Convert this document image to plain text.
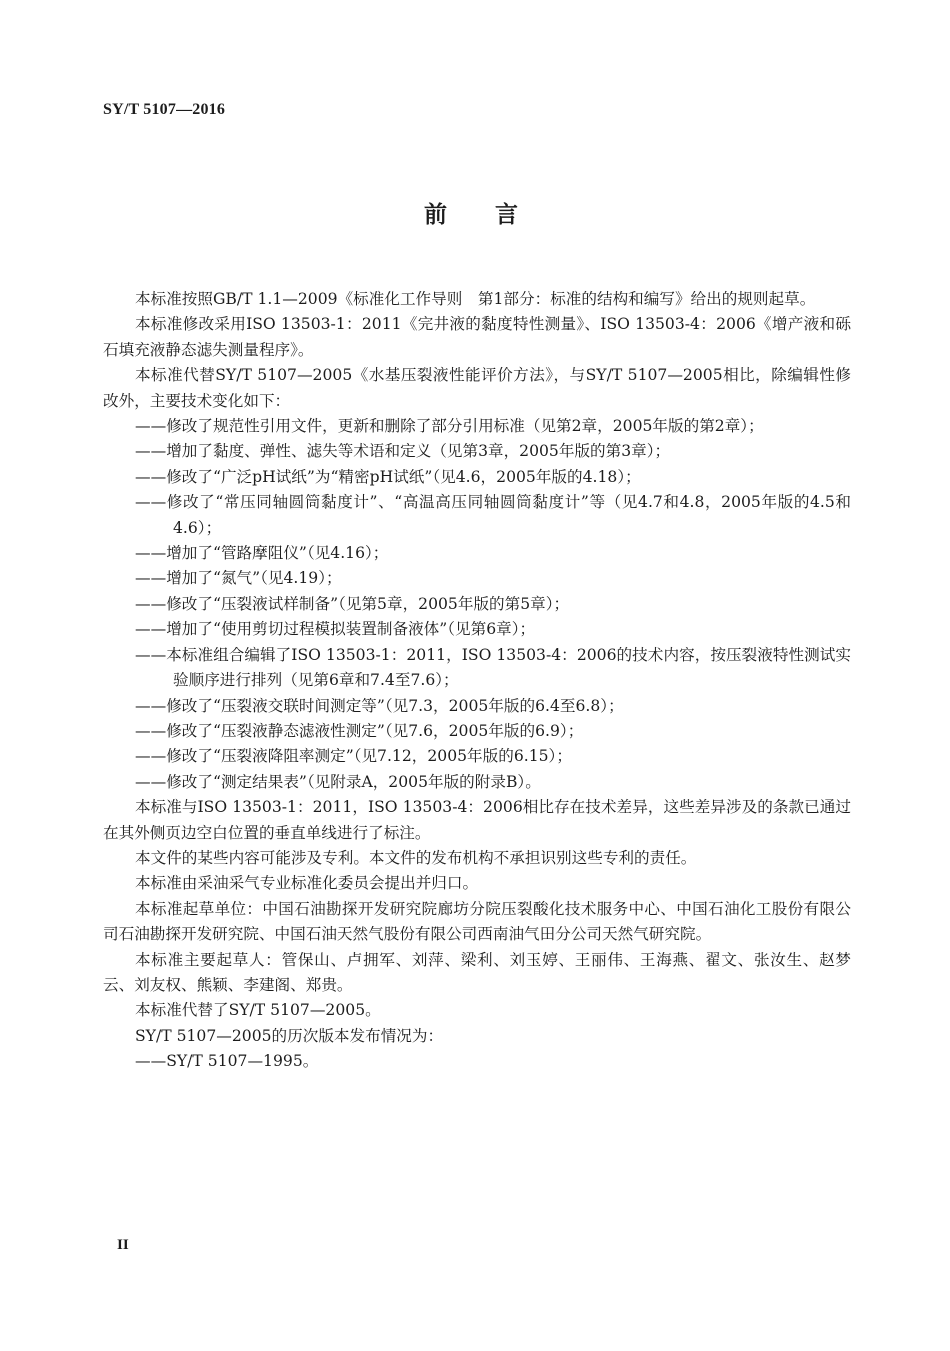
SY/T 5107—2016
前言

本标准按照GB/T 1.1—2009《标准化工作导则　第1部分：标准的结构和编写》给出的规则起草。

本标准修改采用ISO 13503-1：2011《完井液的黏度特性测量》、ISO 13503-4：2006《增产液和砾石填充液静态滤失测量程序》。

本标准代替SY/T 5107—2005《水基压裂液性能评价方法》，与SY/T 5107—2005相比，除编辑性修改外，主要技术变化如下：

——修改了规范性引用文件，更新和删除了部分引用标准（见第2章，2005年版的第2章）；

——增加了黏度、弹性、滤失等术语和定义（见第3章，2005年版的第3章）；

——修改了“广泛pH试纸”为“精密pH试纸”（见4.6，2005年版的4.18）；

——修改了“常压同轴圆筒黏度计”、“高温高压同轴圆筒黏度计”等（见4.7和4.8，2005年版的4.5和4.6）；

——增加了“管路摩阻仪”（见4.16）；

——增加了“氮气”（见4.19）；

——修改了“压裂液试样制备”（见第5章，2005年版的第5章）；

——增加了“使用剪切过程模拟装置制备液体”（见第6章）；

——本标准组合编辑了ISO 13503-1：2011，ISO 13503-4：2006的技术内容，按压裂液特性测试实验顺序进行排列（见第6章和7.4至7.6）；

——修改了“压裂液交联时间测定等”（见7.3，2005年版的6.4至6.8）；

——修改了“压裂液静态滤液性测定”（见7.6，2005年版的6.9）；

——修改了“压裂液降阻率测定”（见7.12，2005年版的6.15）；

——修改了“测定结果表”（见附录A，2005年版的附录B）。

本标准与ISO 13503-1：2011，ISO 13503-4：2006相比存在技术差异，这些差异涉及的条款已通过在其外侧页边空白位置的垂直单线进行了标注。

本文件的某些内容可能涉及专利。本文件的发布机构不承担识别这些专利的责任。

本标准由采油采气专业标准化委员会提出并归口。

本标准起草单位：中国石油勘探开发研究院廊坊分院压裂酸化技术服务中心、中国石油化工股份有限公司石油勘探开发研究院、中国石油天然气股份有限公司西南油气田分公司天然气研究院。

本标准主要起草人：管保山、卢拥军、刘萍、梁利、刘玉婷、王丽伟、王海燕、翟文、张汝生、赵梦云、刘友权、熊颖、李建阁、郑贵。

本标准代替了SY/T 5107—2005。

SY/T 5107—2005的历次版本发布情况为：

——SY/T 5107—1995。

II
